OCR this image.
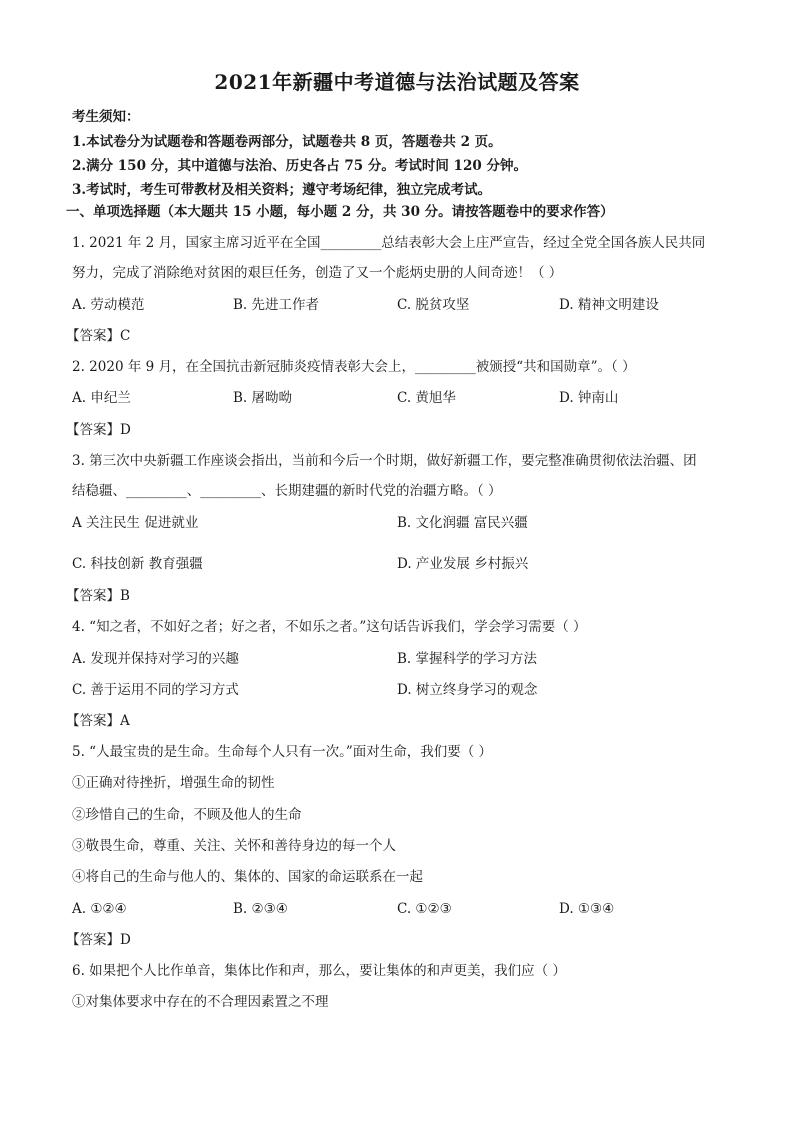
2021年新疆中考道德与法治试题及答案
考生须知：
1.本试卷分为试题卷和答题卷两部分，试题卷共 8 页，答题卷共 2 页。
2.满分 150 分，其中道德与法治、历史各占 75 分。考试时间 120 分钟。
3.考试时，考生可带教材及相关资料；遵守考场纪律，独立完成考试。
一、单项选择题（本大题共 15 小题，每小题 2 分，共 30 分。请按答题卷中的要求作答）
1. 2021 年 2 月，国家主席习近平在全国_________总结表彰大会上庄严宣告，经过全党全国各族人民共同
努力，完成了消除绝对贫困的艰巨任务，创造了又一个彪炳史册的人间奇迹！（ ）
A. 劳动模范	B. 先进工作者	C. 脱贫攻坚	D. 精神文明建设
【答案】C
2. 2020 年 9 月，在全国抗击新冠肺炎疫情表彰大会上，_________被颁授“共和国勋章”。（ ）
A. 申纪兰	B. 屠呦呦	C. 黄旭华	D. 钟南山
【答案】D
3. 第三次中央新疆工作座谈会指出，当前和今后一个时期，做好新疆工作，要完整准确贯彻依法治疆、团
结稳疆、_________、_________、长期建疆的新时代党的治疆方略。（ ）
A 关注民生 促进就业	B. 文化润疆 富民兴疆
C. 科技创新 教育强疆	D. 产业发展 乡村振兴
【答案】B
4. “知之者，不如好之者；好之者，不如乐之者。”这句话告诉我们，学会学习需要（ ）
A. 发现并保持对学习的兴趣	B. 掌握科学的学习方法
C. 善于运用不同的学习方式	D. 树立终身学习的观念
【答案】A
5. “人最宝贵的是生命。生命每个人只有一次。”面对生命，我们要（ ）
①正确对待挫折，增强生命的韧性
②珍惜自己的生命，不顾及他人的生命
③敬畏生命，尊重、关注、关怀和善待身边的每一个人
④将自己的生命与他人的、集体的、国家的命运联系在一起
A. ①②④	B. ②③④	C. ①②③	D. ①③④
【答案】D
6. 如果把个人比作单音，集体比作和声，那么，要让集体的和声更美，我们应（ ）
①对集体要求中存在的不合理因素置之不理
